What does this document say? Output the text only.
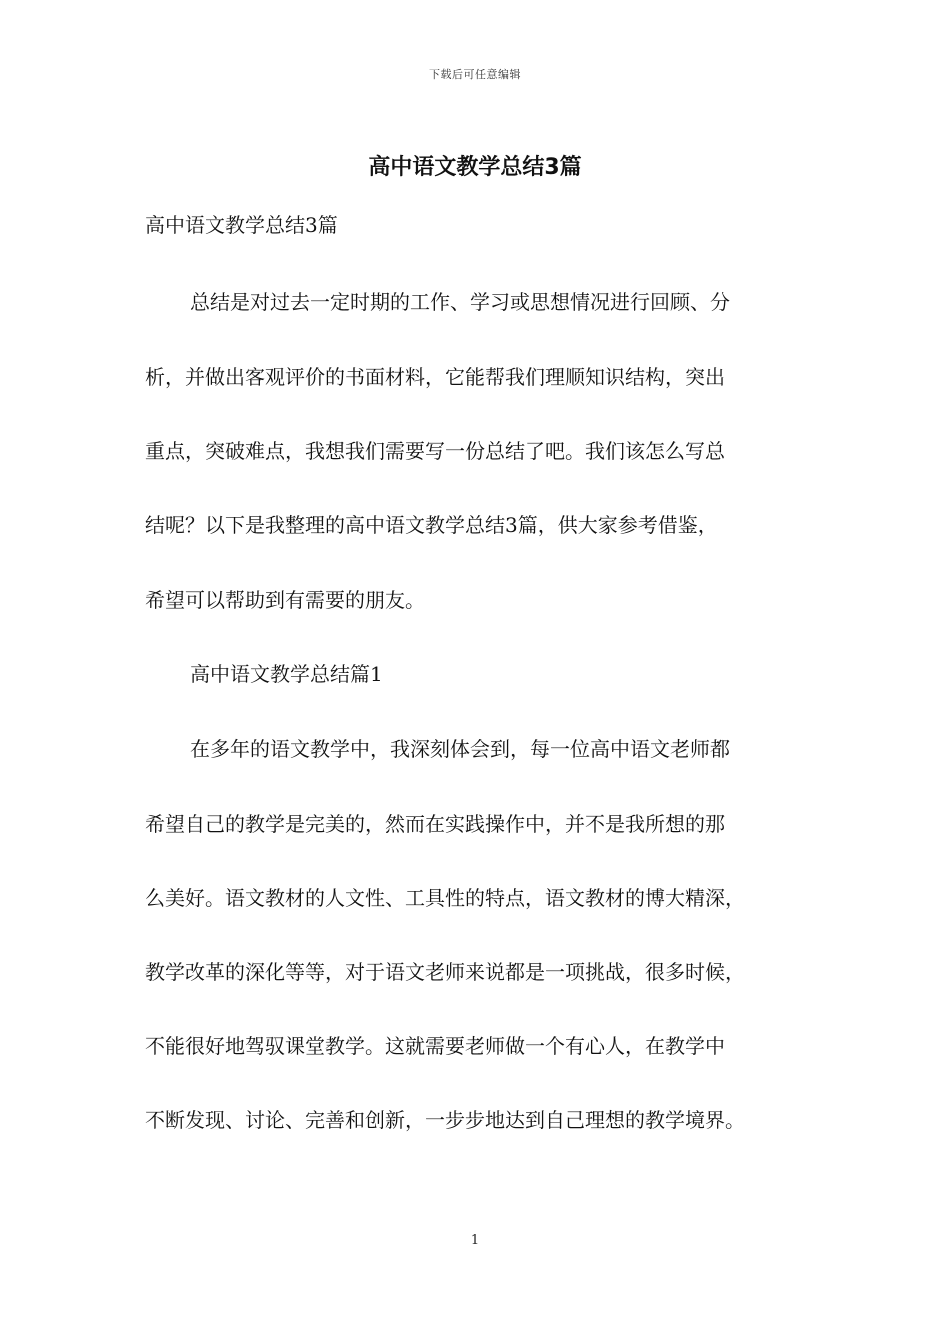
下载后可任意编辑
高中语文教学总结3篇
高中语文教学总结3篇
总结是对过去一定时期的工作、学习或思想情况进行回顾、分
析，并做出客观评价的书面材料，它能帮我们理顺知识结构，突出
重点，突破难点，我想我们需要写一份总结了吧。我们该怎么写总
结呢？以下是我整理的高中语文教学总结3篇，供大家参考借鉴，
希望可以帮助到有需要的朋友。
高中语文教学总结篇1
在多年的语文教学中，我深刻体会到，每一位高中语文老师都
希望自己的教学是完美的，然而在实践操作中，并不是我所想的那
么美好。语文教材的人文性、工具性的特点，语文教材的博大精深，
教学改革的深化等等，对于语文老师来说都是一项挑战，很多时候，
不能很好地驾驭课堂教学。这就需要老师做一个有心人，在教学中
不断发现、讨论、完善和创新，一步步地达到自己理想的教学境界。
1
